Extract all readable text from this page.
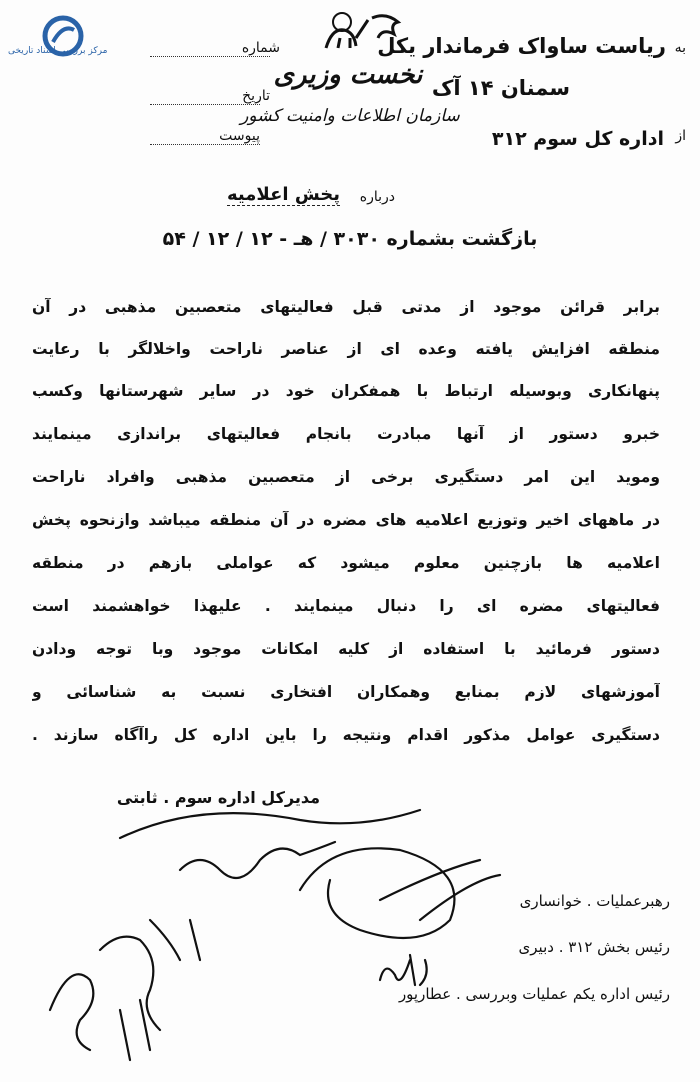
مرکز بررسی اسناد تاریخی	شماره
تاریخ
پیوست
نخست وزیری
سازمان اطلاعات وامنیت کشور
به
ریاست ساواک فرماندار یکل
سمنان ۱۴ آک
از
اداره کل سوم ۳۱۲
درباره
پخش اعلامیه
بازگشت بشماره ۳۰۳۰ / هـ - ۱۲ / ۱۲ / ۵۴
برابر قرائن موجود از مدتی قبل فعالیتهای متعصبین مذهبی در آن
منطقه افزایش یافته وعده ای از عناصر ناراحت واخلالگر با رعایت
پنهانکاری وبوسیله ارتباط با همفکران خود در سایر شهرستانها وکسب
خبرو دستور از آنها مبادرت بانجام فعالیتهای براندازی مینمایند
وموید این امر دستگیری برخی از متعصبین مذهبی وافراد ناراحت
در ماههای اخیر وتوزیع اعلامیه های مضره در آن منطقه میباشد وازنحوه پخش
اعلامیه ها بازچنین معلوم میشود که عواملی بازهم در منطقه
فعالیتهای مضره ای را دنبال مینمایند . علیهذا خواهشمند است
دستور فرمائید با استفاده از کلیه امکانات موجود وبا توجه ودادن
آموزشهای لازم بمنابع وهمکاران افتخاری نسبت به شناسائی و
دستگیری عوامل مذکور اقدام ونتیجه را باین اداره کل راآگاه سازند .
مدیرکل اداره سوم . ثابتی
رهبرعملیات . خوانساری
رئیس بخش ۳۱۲ . دبیری
رئیس اداره یکم عملیات وبررسی . عطارپور
